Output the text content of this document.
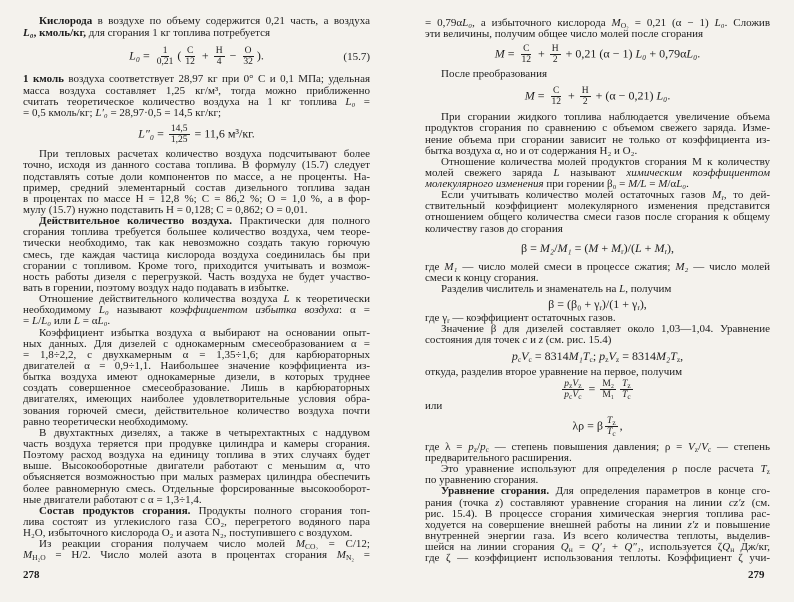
Кислорода в воздухе по объему содержится 0,21 часть, а воздуха
L₀, кмоль/кг, для сгорания 1 кг топлива потребуется
$L_0 = \frac{1}{0,21}$ ( $\frac{C}{12} + \frac{H}{4} - \frac{O}{32}$ ).	(15.7)
1 кмоль воздуха соответствует 28,97 кг при 0° С и 0,1 МПа; удельная
масса воздуха составляет 1,25 кг/м³, тогда можно приближенно
считать теоретическое количество воздуха на 1 кг топлива L₀ =
= 0,5 кмоль/кг; L′₀ = 28,97·0,5 = 14,5 кг/кг;
$L''_0 = \frac{14,5}{1,25} = 11,6$ м³/кг.
При тепловых расчетах количество воздуха подсчитывают более
точно, исходя из данного состава топлива. В формулу (15.7) следует
подставлять сотые доли компонентов по массе, а не проценты. На-
пример, средний элементарный состав дизельного топлива задан
в процентах по массе H = 12,8 %; C = 86,2 %; O = 1,0 %, а в фор-
мулу (15.7) нужно подставить H = 0,128; C = 0,862; O = 0,01.
Действительное количество воздуха. Практически для полного
сгорания топлива требуется большее количество воздуха, чем теоре-
тически необходимо, так как невозможно создать такую горючую
смесь, где каждая частица кислорода воздуха соединилась бы при
сгорании с топливом. Кроме того, приходится учитывать и возмож-
ность работы дизеля с перегрузкой. Часть воздуха не будет участво-
вать в горении, поэтому воздух надо подавать в избытке.
Отношение действительного количества воздуха L к теоретически
необходимому L₀ называют коэффициентом избытка воздуха: α =
= L/L₀ или L = αL₀.
Коэффициент избытка воздуха α выбирают на основании опыт-
ных данных. Для дизелей с однокамерным смесеобразованием α =
= 1,8÷2,2, с двухкамерным α = 1,35÷1,6; для карбюраторных
двигателей α = 0,9÷1,1. Наибольшее значение коэффициента из-
бытка воздуха имеют однокамерные дизели, в которых труднее
создать совершенное смесеобразование. Лишь в карбюраторных
двигателях, имеющих наиболее удовлетворительные условия обра-
зования горючей смеси, действительное количество воздуха почти
равно теоретически необходимому.
В двухтактных дизелях, а также в четырехтактных с наддувом
часть воздуха теряется при продувке цилиндра и камеры сгорания.
Поэтому расход воздуха на единицу топлива в этих случаях будет
выше. Высокооборотные двигатели работают с меньшим α, что
объясняется возможностью при малых размерах цилиндра обеспечить
более равномерную смесь. Отдельные форсированные высокооборот-
ные двигатели работают с α = 1,3÷1,4.
Состав продуктов сгорания. Продукты полного сгорания топ-
лива состоят из углекислого газа CO₂, перегретого водяного пара
H₂O, избыточного кислорода O₂ и азота N₂, поступившего с воздухом.
Из реакции сгорания получаем число молей $M_{CO_2} = C/12$;
$M_{H_2O} = H/2$. Число молей азота в процентах сгорания $M_{N_2}$ =
= 0,79αL₀, а избыточного кислорода $M_{O_2} = 0,21$ (α − 1) L₀. Сложив
эти величины, получим общее число молей после сгорания
$M = \frac{C}{12} + \frac{H}{2} + 0,21$ (α − 1) L₀ + 0,79αL₀.
После преобразования
$M = \frac{C}{12} + \frac{H}{2} + (\alpha - 0,21)$ L₀.
При сгорании жидкого топлива наблюдается увеличение объема
продуктов сгорания по сравнению с объемом свежего заряда. Изме-
нение объема при сгорании зависит не только от коэффициента из-
бытка воздуха α, но и от содержания H₂ и O₂.
Отношение количества молей продуктов сгорания M к количеству
молей свежего заряда L называют химическим коэффициентом
молекулярного изменения при горении β₀ = M/L = M/αL₀.
Если учитывать количество молей остаточных газов $M_r$, то дей-
ствительный коэффициент молекулярного изменения представится
отношением общего количества смеси газов после сгорания к общему
количеству газов до сгорания
$\beta = M_2/M_1 = (M + M_r)/(L + M_r)$,
где M₁ — число молей смеси в процессе сжатия; M₂ — число молей
смеси к концу сгорания.
Разделив числитель и знаменатель на L, получим
$\beta = (\beta_0 + \gamma_r)/(1 + \gamma_r)$,
где $\gamma_r$ — коэффициент остаточных газов.
Значение β для дизелей составляет около 1,03—1,04. Уравнение
состояния для точек c и z (см. рис. 15.4)
$p_cV_c = 8314M_1T_c$; $p_zV_z = 8314M_2T_z$,
откуда, разделив второе уравнение на первое, получим
$\frac{p_zV_z}{p_cV_c} = \frac{\text{M₂}}{\text{M₁}} \frac{T_z}{T_c}$
или
λρ = β $\frac{T_z}{T_c}$ ,
где $\lambda = p_z/p_c$ — степень повышения давления; $\rho = V_z/V_c$ — степень
предварительного расширения.
Это уравнение используют для определения ρ после расчета $T_z$
по уравнению сгорания.
Уравнение сгорания. Для определения параметров в конце сго-
рания (точка z) составляют уравнение сгорания на линии cz′z (см.
рис. 15.4). В процессе сгорания химическая энергия топлива рас-
ходуется на совершение внешней работы на линии z′z и повышение
внутренней энергии газа. Из всего количества теплоты, выделив-
шейся на линии сгорания $Q_н = Q'_1 + Q''_1$, используется $\zeta Q_н$ Дж/кг,
где ζ — коэффициент использования теплоты. Коэффициент ζ учи-
278	279
